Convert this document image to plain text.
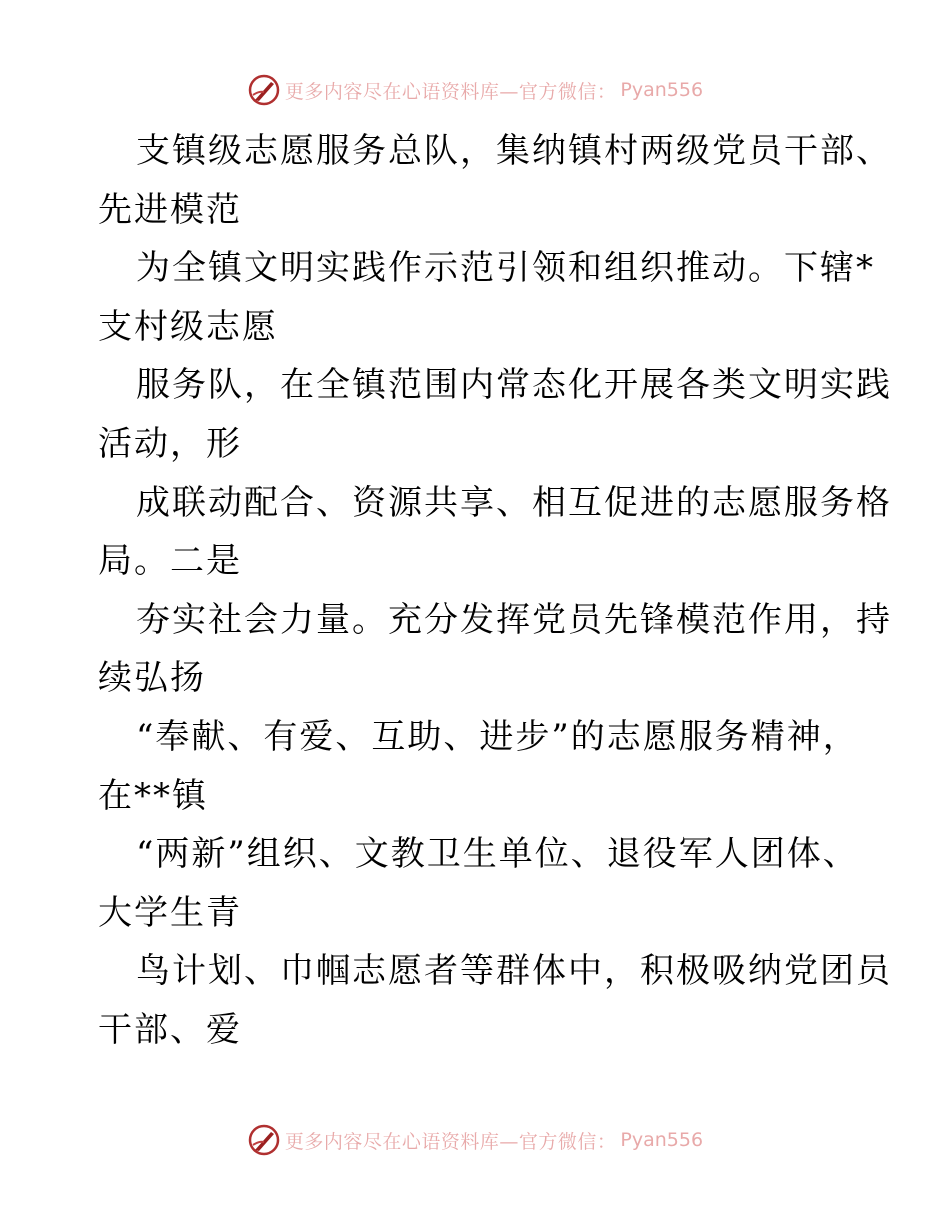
更多内容尽在心语资料库—官方微信： Pyan556
支镇级志愿服务总队，集纳镇村两级党员干部、
先进模范
为全镇文明实践作示范引领和组织推动。下辖*
支村级志愿
服务队，在全镇范围内常态化开展各类文明实践
活动，形
成联动配合、资源共享、相互促进的志愿服务格
局。二是
夯实社会力量。充分发挥党员先锋模范作用，持
续弘扬
“奉献、有爱、互助、进步”的志愿服务精神，
在**镇
“两新”组织、文教卫生单位、退役军人团体、
大学生青
鸟计划、巾帼志愿者等群体中，积极吸纳党团员
干部、爱
更多内容尽在心语资料库—官方微信： Pyan556
